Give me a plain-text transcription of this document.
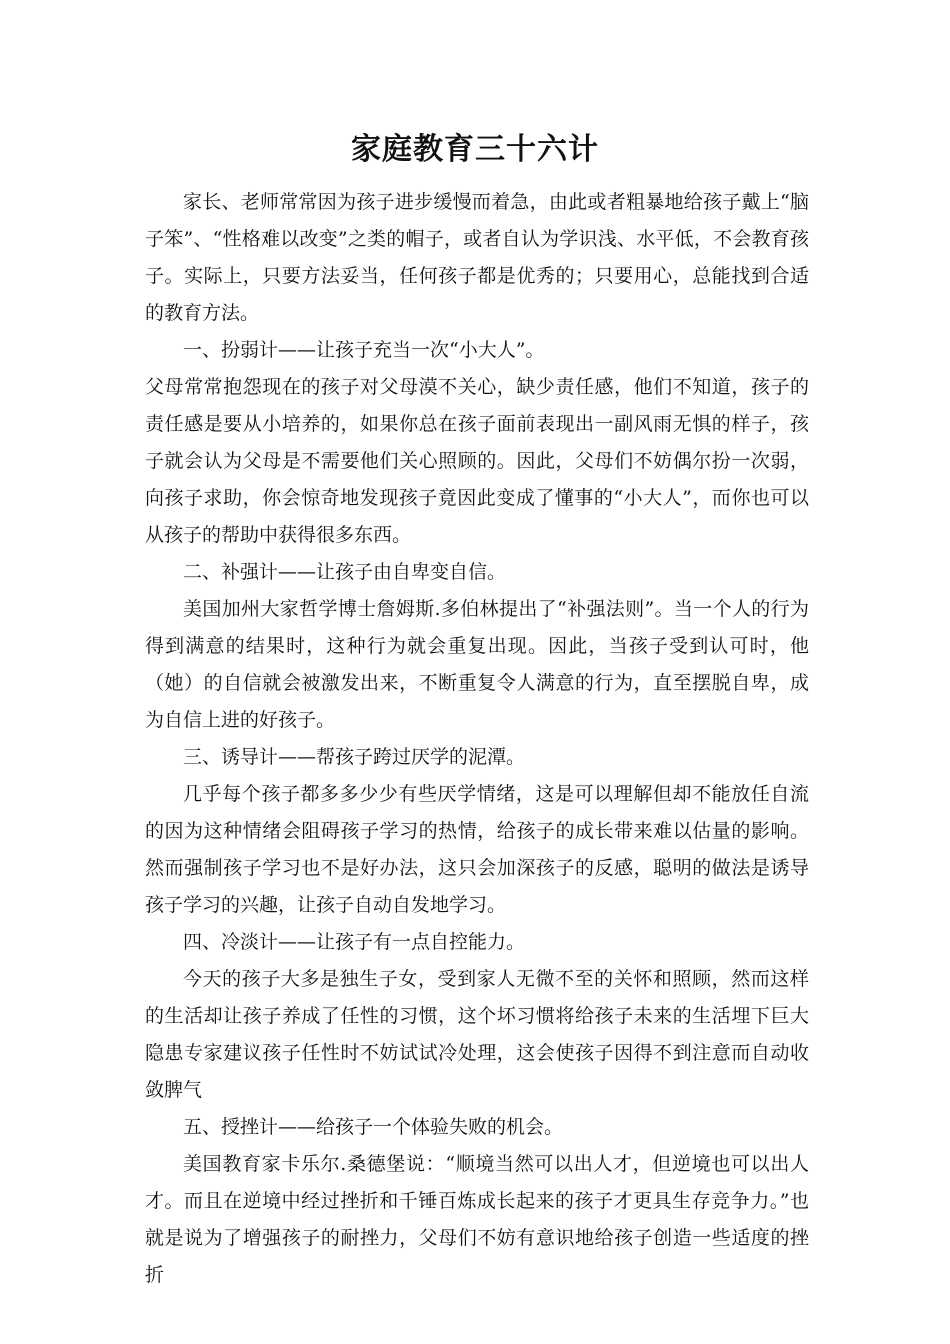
家庭教育三十六计

家长、老师常常因为孩子进步缓慢而着急，由此或者粗暴地给孩子戴上“脑子笨”、“性格难以改变”之类的帽子，或者自认为学识浅、水平低，不会教育孩子。实际上，只要方法妥当，任何孩子都是优秀的；只要用心，总能找到合适的教育方法。

一、扮弱计——让孩子充当一次“小大人”。

父母常常抱怨现在的孩子对父母漠不关心，缺少责任感，他们不知道，孩子的责任感是要从小培养的，如果你总在孩子面前表现出一副风雨无惧的样子，孩子就会认为父母是不需要他们关心照顾的。因此，父母们不妨偶尔扮一次弱，向孩子求助，你会惊奇地发现孩子竟因此变成了懂事的“小大人”，而你也可以从孩子的帮助中获得很多东西。

二、补强计——让孩子由自卑变自信。

美国加州大家哲学博士詹姆斯.多伯林提出了“补强法则”。当一个人的行为得到满意的结果时，这种行为就会重复出现。因此，当孩子受到认可时，他（她）的自信就会被激发出来，不断重复令人满意的行为，直至摆脱自卑，成为自信上进的好孩子。

三、诱导计——帮孩子跨过厌学的泥潭。

几乎每个孩子都多多少少有些厌学情绪，这是可以理解但却不能放任自流的因为这种情绪会阻碍孩子学习的热情，给孩子的成长带来难以估量的影响。然而强制孩子学习也不是好办法，这只会加深孩子的反感，聪明的做法是诱导孩子学习的兴趣，让孩子自动自发地学习。

四、冷淡计——让孩子有一点自控能力。

今天的孩子大多是独生子女，受到家人无微不至的关怀和照顾，然而这样的生活却让孩子养成了任性的习惯，这个坏习惯将给孩子未来的生活埋下巨大隐患专家建议孩子任性时不妨试试冷处理，这会使孩子因得不到注意而自动收敛脾气

五、授挫计——给孩子一个体验失败的机会。

美国教育家卡乐尔.桑德堡说：“顺境当然可以出人才，但逆境也可以出人才。而且在逆境中经过挫折和千锤百炼成长起来的孩子才更具生存竞争力。”也就是说为了增强孩子的耐挫力，父母们不妨有意识地给孩子创造一些适度的挫折
